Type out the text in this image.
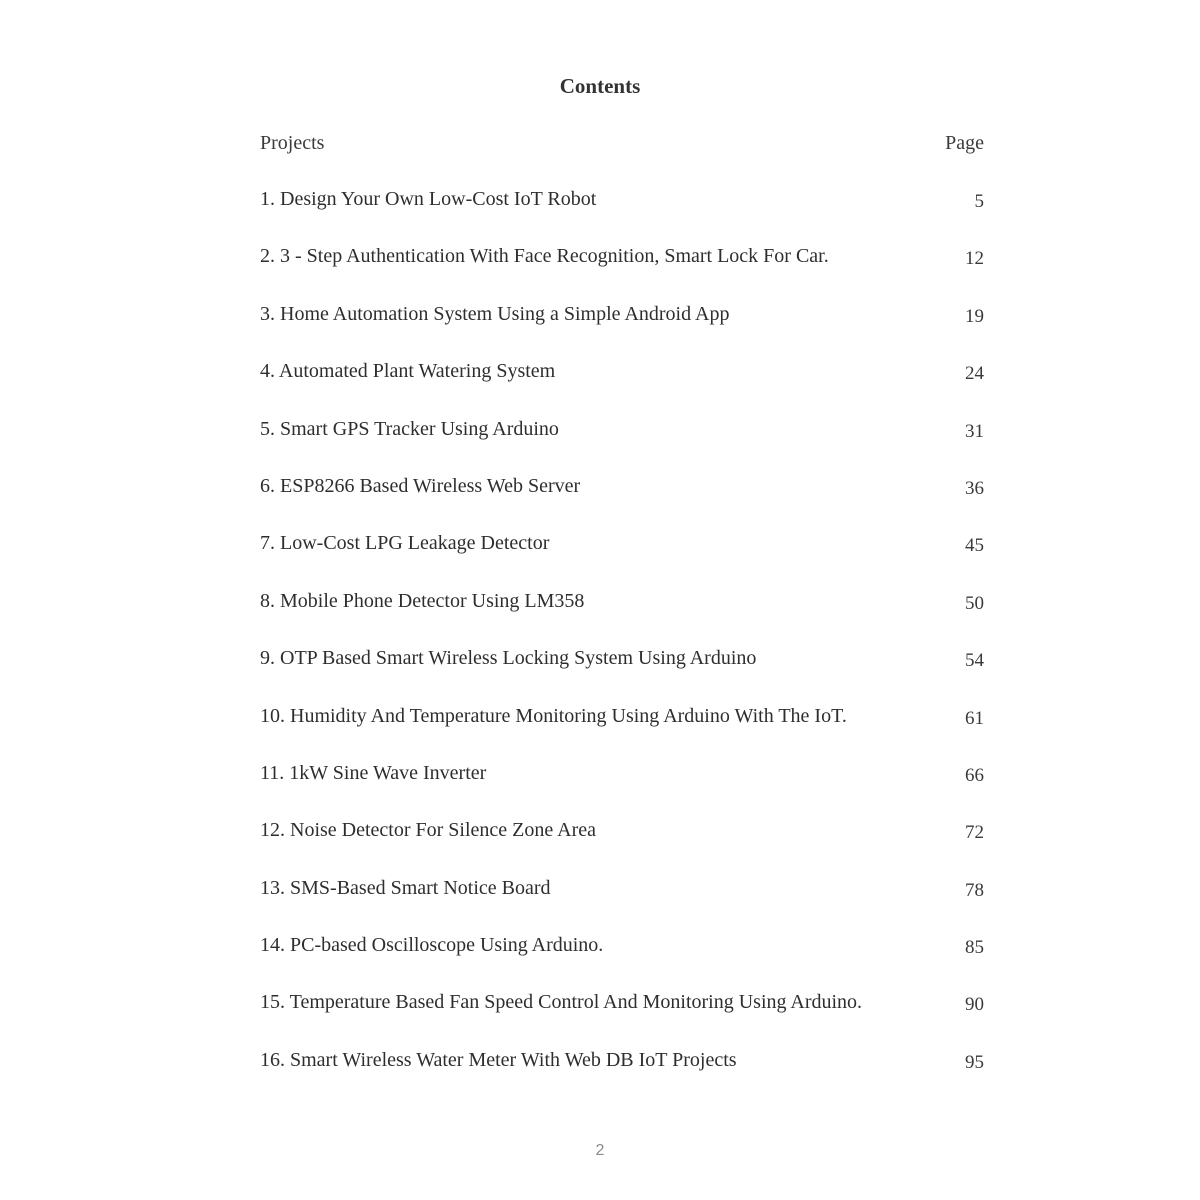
Contents
Projects	Page
1. Design Your Own Low-Cost IoT Robot	5
2. 3 - Step Authentication With Face Recognition, Smart Lock For Car.	12
3. Home Automation System Using a Simple Android App	19
4. Automated Plant Watering System	24
5. Smart GPS Tracker Using Arduino	31
6. ESP8266 Based Wireless Web Server	36
7. Low-Cost LPG Leakage Detector	45
8. Mobile Phone Detector Using LM358	50
9. OTP Based Smart Wireless Locking System Using Arduino	54
10. Humidity And Temperature Monitoring Using Arduino With The IoT.	61
11. 1kW Sine Wave Inverter	66
12. Noise Detector For Silence Zone Area	72
13. SMS-Based Smart Notice Board	78
14. PC-based Oscilloscope Using Arduino.	85
15. Temperature Based Fan Speed Control And Monitoring Using Arduino.	90
16. Smart Wireless Water Meter With Web DB IoT Projects	95
2
